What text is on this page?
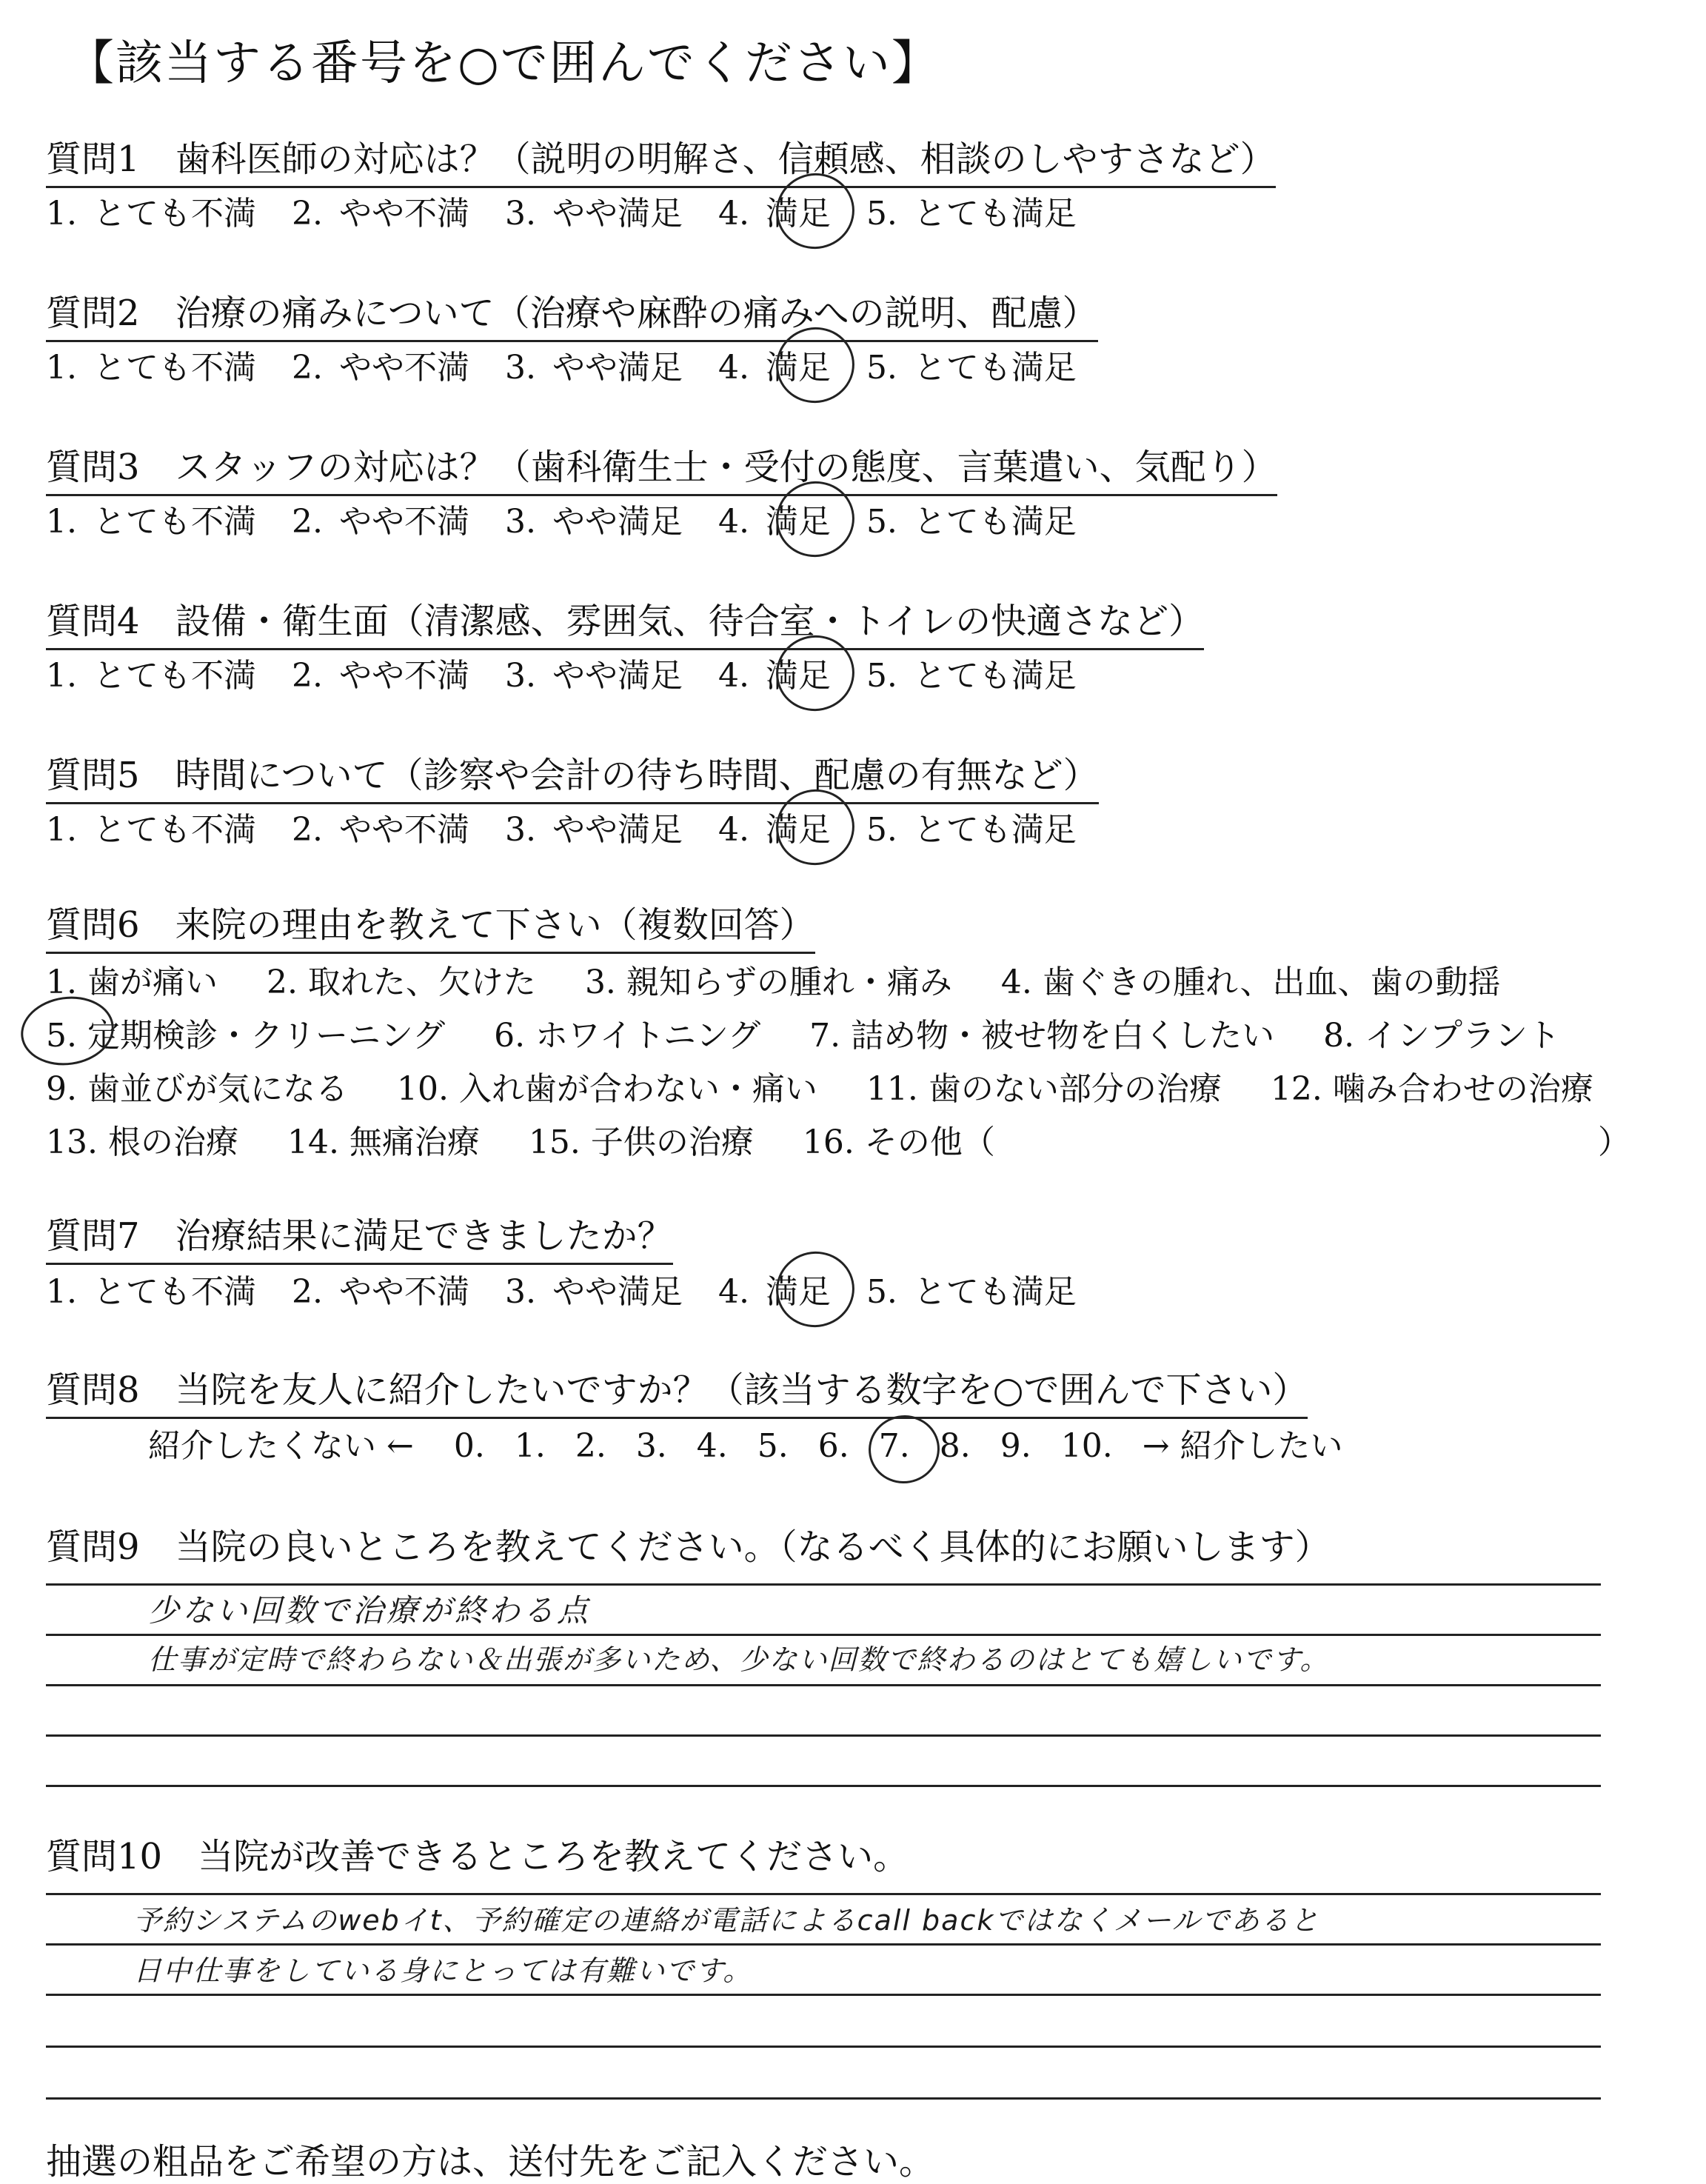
【該当する番号を○で囲んでください】
質問1　 歯科医師の対応は？（説明の明解さ、信頼感、相談のしやすさなど）
1. とても不満 2. やや不満 3. やや満足 4. 満足 5. とても満足
質問2　 治療の痛みについて（治療や麻酔の痛みへの説明、配慮）
1. とても不満 2. やや不満 3. やや満足 4. 満足 5. とても満足
質問3　 スタッフの対応は？（歯科衛生士・受付の態度、言葉遣い、気配り）
1. とても不満 2. やや不満 3. やや満足 4. 満足 5. とても満足
質問4　 設備・衛生面（清潔感、雰囲気、待合室・トイレの快適さなど）
1. とても不満 2. やや不満 3. やや満足 4. 満足 5. とても満足
質問5　 時間について（診察や会計の待ち時間、配慮の有無など）
1. とても不満 2. やや不満 3. やや満足 4. 満足 5. とても満足
質問6　 来院の理由を教えて下さい（複数回答）
1. 歯が痛い 2. 取れた、欠けた 3. 親知らずの腫れ・痛み 4. 歯ぐきの腫れ、出血、歯の動揺
5. 定期検診・クリーニング 6. ホワイトニング 7. 詰め物・被せ物を白くしたい 8. インプラント
9. 歯並びが気になる 10. 入れ歯が合わない・痛い 11. 歯のない部分の治療 12. 噛み合わせの治療
13. 根の治療 14. 無痛治療 15. 子供の治療 16. その他（	）
質問7　 治療結果に満足できましたか？
1. とても不満 2. やや不満 3. やや満足 4. 満足 5. とても満足
質問8　 当院を友人に紹介したいですか？（該当する数字を○で囲んで下さい）
紹介したくない ← 0. 1. 2. 3. 4. 5. 6. 7. 8. 9. 10. → 紹介したい
質問9　 当院の良いところを教えてください。（なるべく具体的にお願いします）
少ない回数で治療が終わる点
仕事が定時で終わらない＆出張が多いため、少ない回数で終わるのはとても嬉しいです。
質問10　 当院が改善できるところを教えてください。
予約システムのwebイt、予約確定の連絡が電話によるcall backではなくメールであると
日中仕事をしている身にとっては有難いです。
抽選の粗品をご希望の方は、送付先をご記入ください。
